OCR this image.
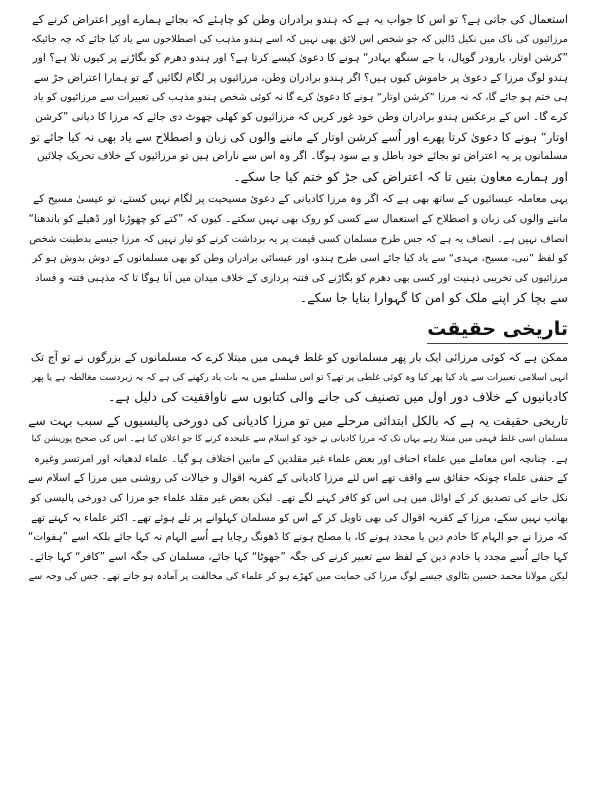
استعمال کی جاتی ہے؟ تو اس کا جواب یہ ہے کہ ہندو برادران وطن کو چاہئے کہ بجائے ہمارے اوپر اعتراض کرنے کے
مرزائیوں کی ناک میں نکیل ڈالیں کہ جو شخص اس لائق بھی نہیں کہ اسے ہندو مذہب کی اصطلاحوں سے یاد کیا جائے کہ چہ جائیکہ
”کرشن اوتار، یارودر گوپال، یا جے سنگھ بہادر“ ہونے کا دعویٰ کیسے کرتا ہے؟ اور ہندو دھرم کو بگاڑنے پر کیوں تلا ہے؟ اور
ہندو لوگ مرزا کے دعویٰ پر خاموش کیوں ہیں؟ اگر ہندو برادران وطن، مرزائیوں پر لگام لگائیں گے تو ہمارا اعتراض جڑ سے
ہی ختم ہو جائے گا، کہ نہ مرزا ”کرشن اوتار“ ہونے کا دعویٰ کرے گا نہ کوئی شخص ہندو مذہب کی تعبیرات سے مرزائیوں کو یاد
کرے گا۔ اس کے برعکس ہندو برادران وطن خود غور کریں کہ مرزائیوں کو کھلی چھوٹ دی جائے کہ مرزا کا دیانی ”کرشن
اوتار“ ہونے کا دعویٰ کرتا پھرے اور اُسے کرشن اوتار کے ماننے والوں کی زبان و اصطلاح سے یاد بھی نہ کیا جائے تو
مسلمانوں پر یہ اعتراض تو بجائے خود باطل و بے سود ہوگا۔ اگر وہ اس سے ناراض ہیں تو مرزائیوں کے خلاف تحریک چلائیں
اور ہمارے معاون بنیں تا کہ اعتراض کی جڑ کو ختم کیا جا سکے۔
یہی معاملہ عیسائیوں کے ساتھ بھی ہے کہ اگر وہ مرزا کادیانی کے دعوئ مسیحیت پر لگام نہیں کستے، تو عیسیٰ مسیح کے
ماننے والوں کی زبان و اصطلاح کے استعمال سے کسی کو روک بھی نہیں سکتے۔ کیوں کہ ”کتے کو چھوڑنا اور ڈھیلے کو باندھنا“
انصاف نہیں ہے۔ انصاف یہ ہے کہ جس طرح مسلمان کسی قیمت پر یہ برداشت کرنے کو تیار نہیں کہ مرزا جیسے بدطینت شخص
کو لفظ ”نبی، مسیح، مہدی“ سے یاد کیا جائے اسی طرح ہندو، اور عیسائی برادران وطن کو بھی مسلمانوں کے دوش بدوش ہو کر
مرزائیوں کی تخریبی ذہنیت اور کسی بھی دھرم کو بگاڑنے کی فتنہ پردازی کے خلاف میدان میں آنا ہوگا تا کہ مذہبی فتنہ و فساد
سے بچا کر اپنے ملک کو امن کا گہوارا بنایا جا سکے۔
تاریخی حقیقت
ممکن ہے کہ کوئی مرزائی ایک بار پھر مسلمانوں کو غلط فہمی میں مبتلا کرے کہ مسلمانوں کے بزرگوں نے تو آج تک
انہی اسلامی تعبیرات سے یاد کیا پھر کیا وہ کوئی غلطی پر تھے؟ تو اس سلسلے میں یہ بات یاد رکھنے کی ہے کہ یہ زبردست مغالطہ ہے یا پھر
کادیانیوں کے خلاف دور اول میں تصنیف کی جانے والی کتابوں سے ناواقفیت کی دلیل ہے۔
تاریخی حقیقت یہ ہے کہ بالکل ابتدائی مرحلے میں تو مرزا کادیانی کی دورخی پالیسیوں کے سبب بہت سے
مسلمان اسی غلط فہمی میں مبتلا رہے یہاں تک کہ مرزا کادیانی نے خود کو اسلام سے علیحدہ کرنے کا جو اعلان کیا ہے۔ اس کی صحیح پوزیشن کیا
ہے۔ چنانچہ اس معاملے میں علماء احناف اور بعض علماء غیر مقلدین کے مابین اختلاف ہو گیا۔ علماء لدھیانہ اور امرتسر وغیرہ
کے حنفی علماء چونکہ حقائق سے واقف تھے اس لئے مرزا کادیانی کے کفریہ اقوال و خیالات کی روشنی میں مرزا کے اسلام سے
نکل جانے کی تصدیق کر کے اوائل میں ہی اس کو کافر کہنے لگے تھے۔ لیکن بعض غیر مقلد علماء جو مرزا کی دورخی پالیسی کو
بھانپ نہیں سکے، مرزا کے کفریہ اقوال کی بھی تاویل کر کے اس کو مسلمان کہلوانے پر تلے ہوئے تھے۔ اکثر علماء یہ کہتے تھے
کہ مرزا نے جو الہام کا خادم دین یا مجدد ہونے کا، یا مصلح ہونے کا ڈھونگ رچایا ہے اُسے الہام نہ کہا جائے بلکہ اسے ”ہفوات“
کہا جائے اُسے مجدد یا خادم دین کے لفظ سے تعبیر کرنے کی جگہ ”جھوٹا“ کہا جائے، مسلمان کی جگہ اسے ”کافر“ کہا جائے۔
لیکن مولانا محمد حسین بٹالوی جیسے لوگ مرزا کی حمایت میں کھڑے ہو کر علماء کی مخالفت پر آمادہ ہو جاتے تھے۔ جس کی وجہ سے
